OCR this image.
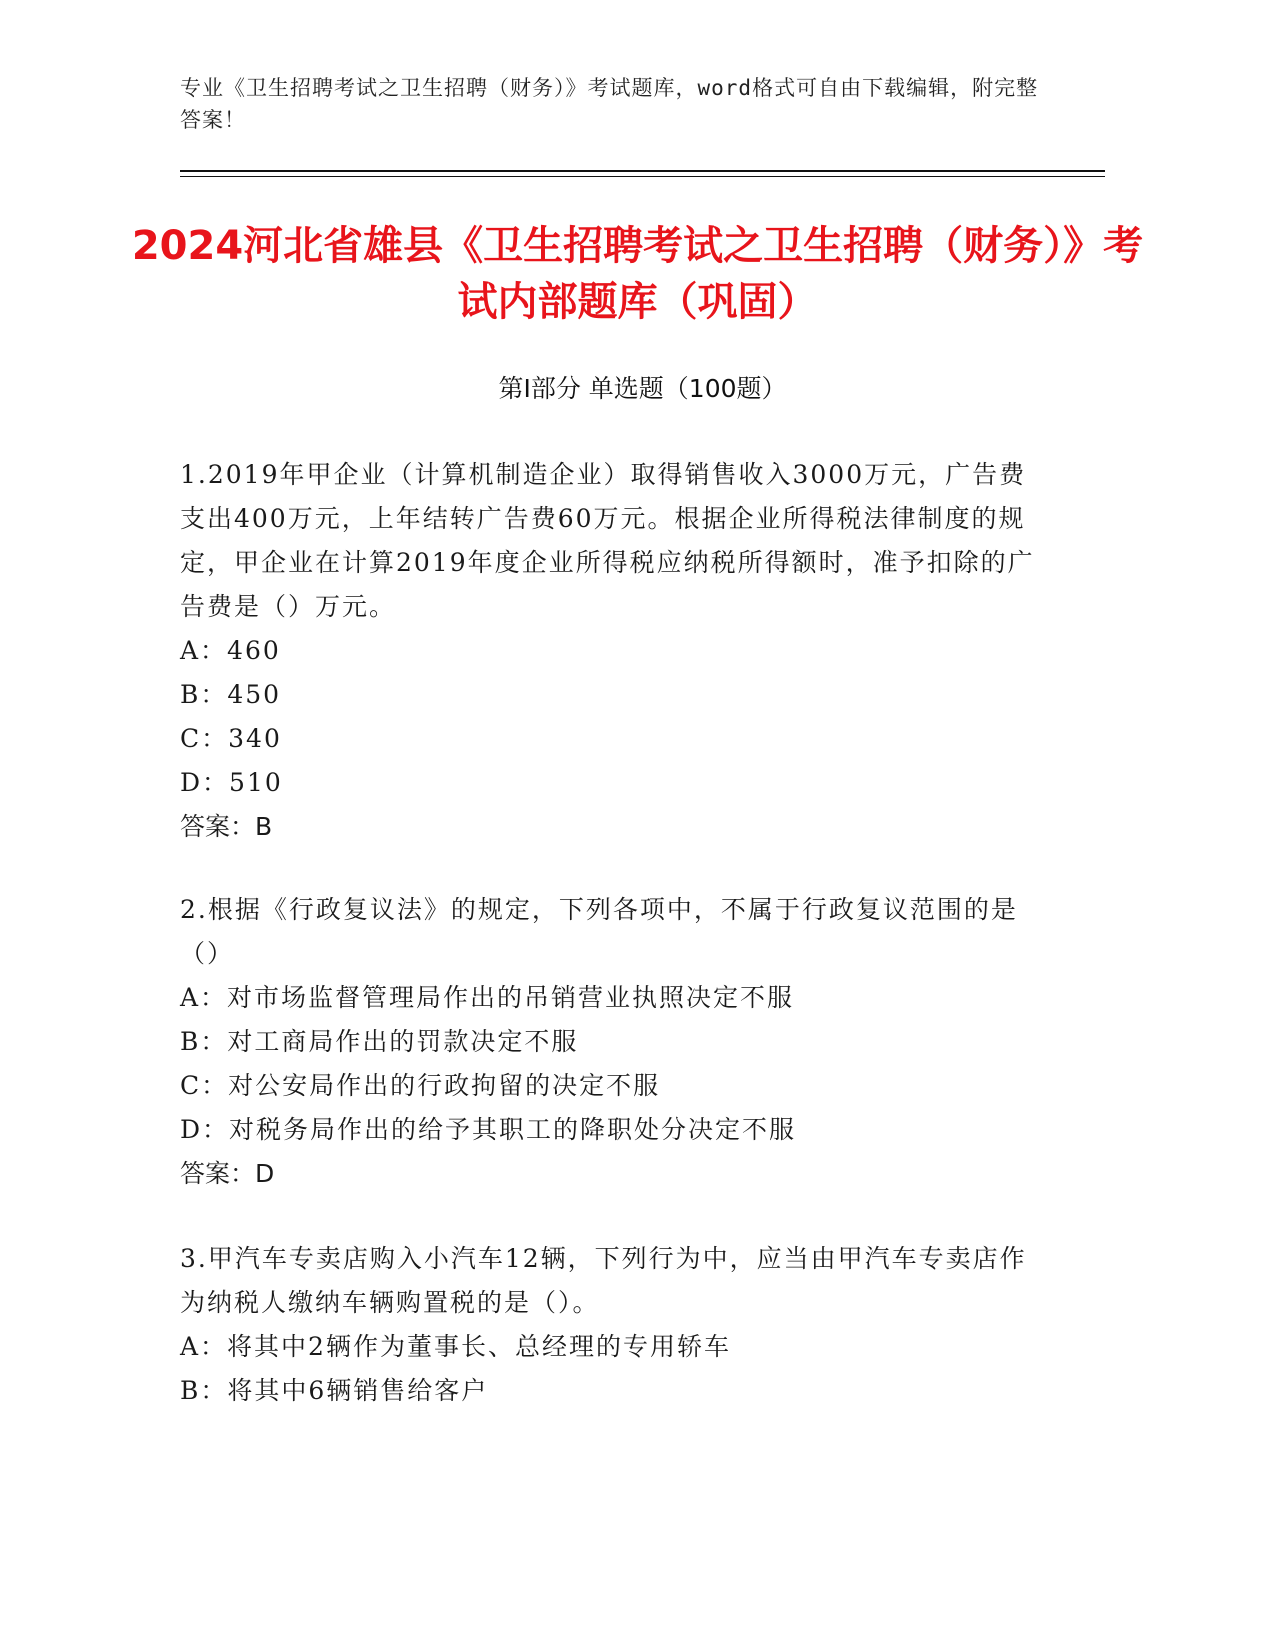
专业《卫生招聘考试之卫生招聘（财务）》考试题库，word格式可自由下载编辑，附完整答案！
2024河北省雄县《卫生招聘考试之卫生招聘（财务）》考试内部题库（巩固）
第I部分 单选题（100题）

1.2019年甲企业（计算机制造企业）取得销售收入3000万元，广告费支出400万元，上年结转广告费60万元。根据企业所得税法律制度的规定，甲企业在计算2019年度企业所得税应纳税所得额时，准予扣除的广告费是（）万元。

A：460

B：450

C：340

D：510

答案：B

2.根据《行政复议法》的规定，下列各项中，不属于行政复议范围的是（）

A：对市场监督管理局作出的吊销营业执照决定不服

B：对工商局作出的罚款决定不服

C：对公安局作出的行政拘留的决定不服

D：对税务局作出的给予其职工的降职处分决定不服

答案：D

3.甲汽车专卖店购入小汽车12辆，下列行为中，应当由甲汽车专卖店作为纳税人缴纳车辆购置税的是（）。

A：将其中2辆作为董事长、总经理的专用轿车

B：将其中6辆销售给客户
